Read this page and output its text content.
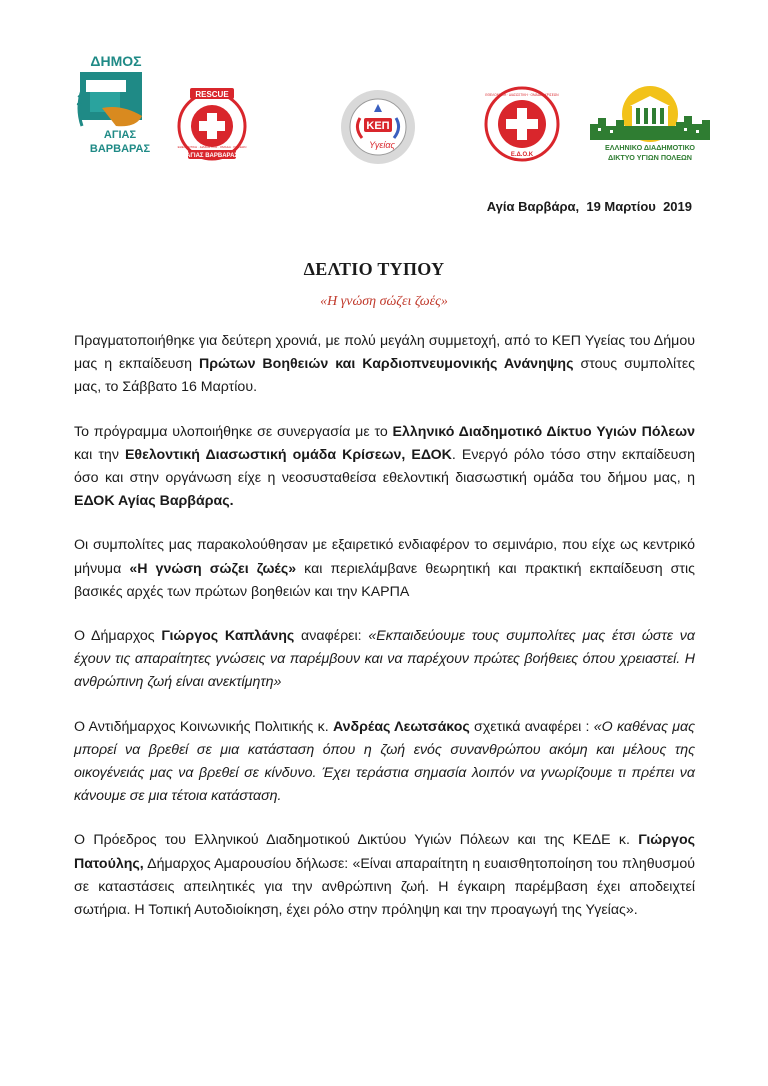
ΔΗΜΟΣ
ΑΓΙΑΣ
ΒΑΡΒΑΡΑΣ
RESCUE
ΑΓΙΑΣ ΒΑΡΒΑΡΑΣ
ΕΘΕΛΟΝΤΙΚΗ · ΔΙΑΣΩΣΤΙΚΗ · ΟΜΑΔΑ · ΚΡΙΣΕΩΝ
ΚΕΠ
Υγείας
ΕΘΕΛΟΝΤΙΚΗ · ΔΙΑΣΩΣΤΙΚΗ · ΟΜΑΔΑ · ΚΡΙΣΕΩΝ
Ε.Δ.Ο.Κ
ΕΛΛΗΝΙΚΟ ΔΙΑΔΗΜΟΤΙΚΟ
ΔΙΚΤΥΟ ΥΓΙΩΝ ΠΟΛΕΩΝ
Αγία Βαρβάρα,  19 Μαρτίου  2019
ΔΕΛΤΙΟ ΤΥΠΟΥ
«Η γνώση σώζει ζωές»

Πραγματοποιήθηκε για δεύτερη χρονιά, με πολύ μεγάλη συμμετοχή, από το ΚΕΠ Υγείας του Δήμου μας η εκπαίδευση Πρώτων Βοηθειών και Καρδιοπνευμονικής Ανάνηψης στους συμπολίτες μας, το Σάββατο 16 Μαρτίου.

Το πρόγραμμα υλοποιήθηκε σε συνεργασία με το Ελληνικό Διαδημοτικό Δίκτυο Υγιών Πόλεων και την Εθελοντική Διασωστική ομάδα Κρίσεων, ΕΔΟΚ. Ενεργό ρόλο τόσο στην εκπαίδευση όσο και στην οργάνωση είχε η νεοσυσταθείσα εθελοντική διασωστική ομάδα του δήμου μας, η ΕΔΟΚ Αγίας Βαρβάρας.

Οι συμπολίτες μας παρακολούθησαν με εξαιρετικό ενδιαφέρον το σεμινάριο, που είχε ως κεντρικό μήνυμα «Η γνώση σώζει ζωές» και περιελάμβανε θεωρητική και πρακτική εκπαίδευση στις βασικές αρχές των πρώτων βοηθειών και την ΚΑΡΠΑ

Ο Δήμαρχος Γιώργος Καπλάνης αναφέρει: «Εκπαιδεύουμε τους συμπολίτες μας έτσι ώστε να έχουν τις απαραίτητες γνώσεις να παρέμβουν και να παρέχουν πρώτες βοήθειες όπου χρειαστεί. Η ανθρώπινη ζωή είναι ανεκτίμητη»

Ο Αντιδήμαρχος Κοινωνικής Πολιτικής κ. Ανδρέας Λεωτσάκος σχετικά αναφέρει : «Ο καθένας μας μπορεί να βρεθεί σε μια κατάσταση όπου η ζωή ενός συνανθρώπου ακόμη και μέλους της οικογένειάς μας να βρεθεί σε κίνδυνο. Έχει τεράστια σημασία λοιπόν να γνωρίζουμε τι πρέπει να κάνουμε σε μια τέτοια κατάσταση.

Ο Πρόεδρος του Ελληνικού Διαδημοτικού Δικτύου Υγιών Πόλεων και της ΚΕΔΕ κ. Γιώργος Πατούλης, Δήμαρχος Αμαρουσίου δήλωσε: «Είναι απαραίτητη η ευαισθητοποίηση του πληθυσμού σε καταστάσεις απειλητικές για την ανθρώπινη ζωή. Η έγκαιρη παρέμβαση έχει αποδειχτεί σωτήρια. Η Τοπική Αυτοδιοίκηση, έχει ρόλο στην πρόληψη και την προαγωγή της Υγείας».
